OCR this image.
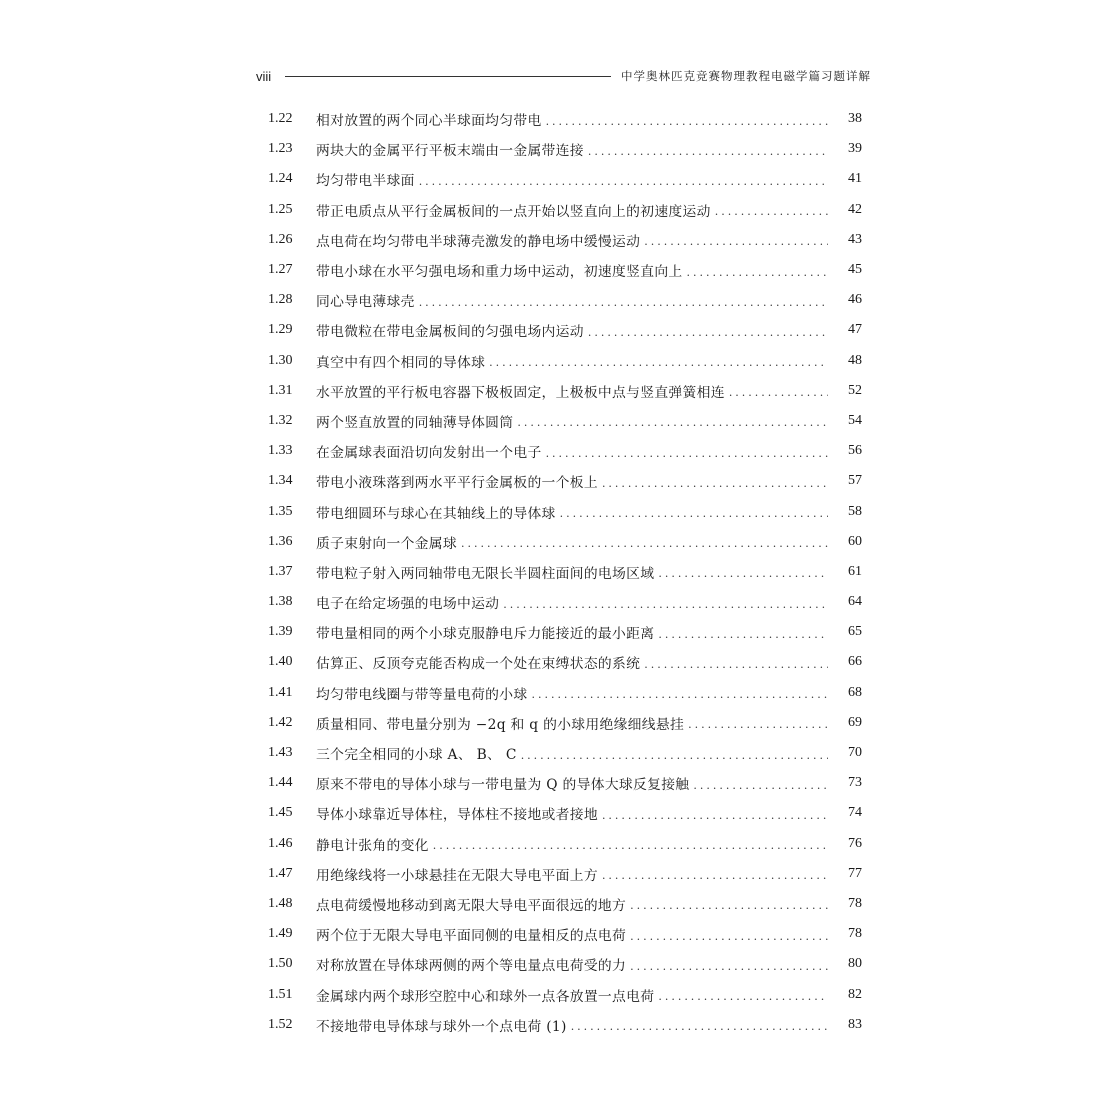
viii	中学奥林匹克竞赛物理教程电磁学篇习题详解
1.22	相对放置的两个同心半球面均匀带电 .....	38
1.23	两块大的金属平行平板末端由一金属带连接 .....	39
1.24	均匀带电半球面 .....	41
1.25	带正电质点从平行金属板间的一点开始以竖直向上的初速度运动 .....	42
1.26	点电荷在均匀带电半球薄壳激发的静电场中缓慢运动 .....	43
1.27	带电小球在水平匀强电场和重力场中运动，初速度竖直向上 .....	45
1.28	同心导电薄球壳 .....	46
1.29	带电微粒在带电金属板间的匀强电场内运动 .....	47
1.30	真空中有四个相同的导体球 .....	48
1.31	水平放置的平行板电容器下极板固定，上极板中点与竖直弹簧相连 .....	52
1.32	两个竖直放置的同轴薄导体圆筒 .....	54
1.33	在金属球表面沿切向发射出一个电子 .....	56
1.34	带电小液珠落到两水平平行金属板的一个板上 .....	57
1.35	带电细圆环与球心在其轴线上的导体球 .....	58
1.36	质子束射向一个金属球 .....	60
1.37	带电粒子射入两同轴带电无限长半圆柱面间的电场区域 .....	61
1.38	电子在给定场强的电场中运动 .....	64
1.39	带电量相同的两个小球克服静电斥力能接近的最小距离 .....	65
1.40	估算正、反顶夸克能否构成一个处在束缚状态的系统 .....	66
1.41	均匀带电线圈与带等量电荷的小球 .....	68
1.42	质量相同、带电量分别为 −2q 和 q 的小球用绝缘细线悬挂 .....	69
1.43	三个完全相同的小球 A、 B、 C .....	70
1.44	原来不带电的导体小球与一带电量为 Q 的导体大球反复接触 .....	73
1.45	导体小球靠近导体柱，导体柱不接地或者接地 .....	74
1.46	静电计张角的变化 .....	76
1.47	用绝缘线将一小球悬挂在无限大导电平面上方 .....	77
1.48	点电荷缓慢地移动到离无限大导电平面很远的地方 .....	78
1.49	两个位于无限大导电平面同侧的电量相反的点电荷 .....	78
1.50	对称放置在导体球两侧的两个等电量点电荷受的力 .....	80
1.51	金属球内两个球形空腔中心和球外一点各放置一点电荷 .....	82
1.52	不接地带电导体球与球外一个点电荷 (1) .....	83
